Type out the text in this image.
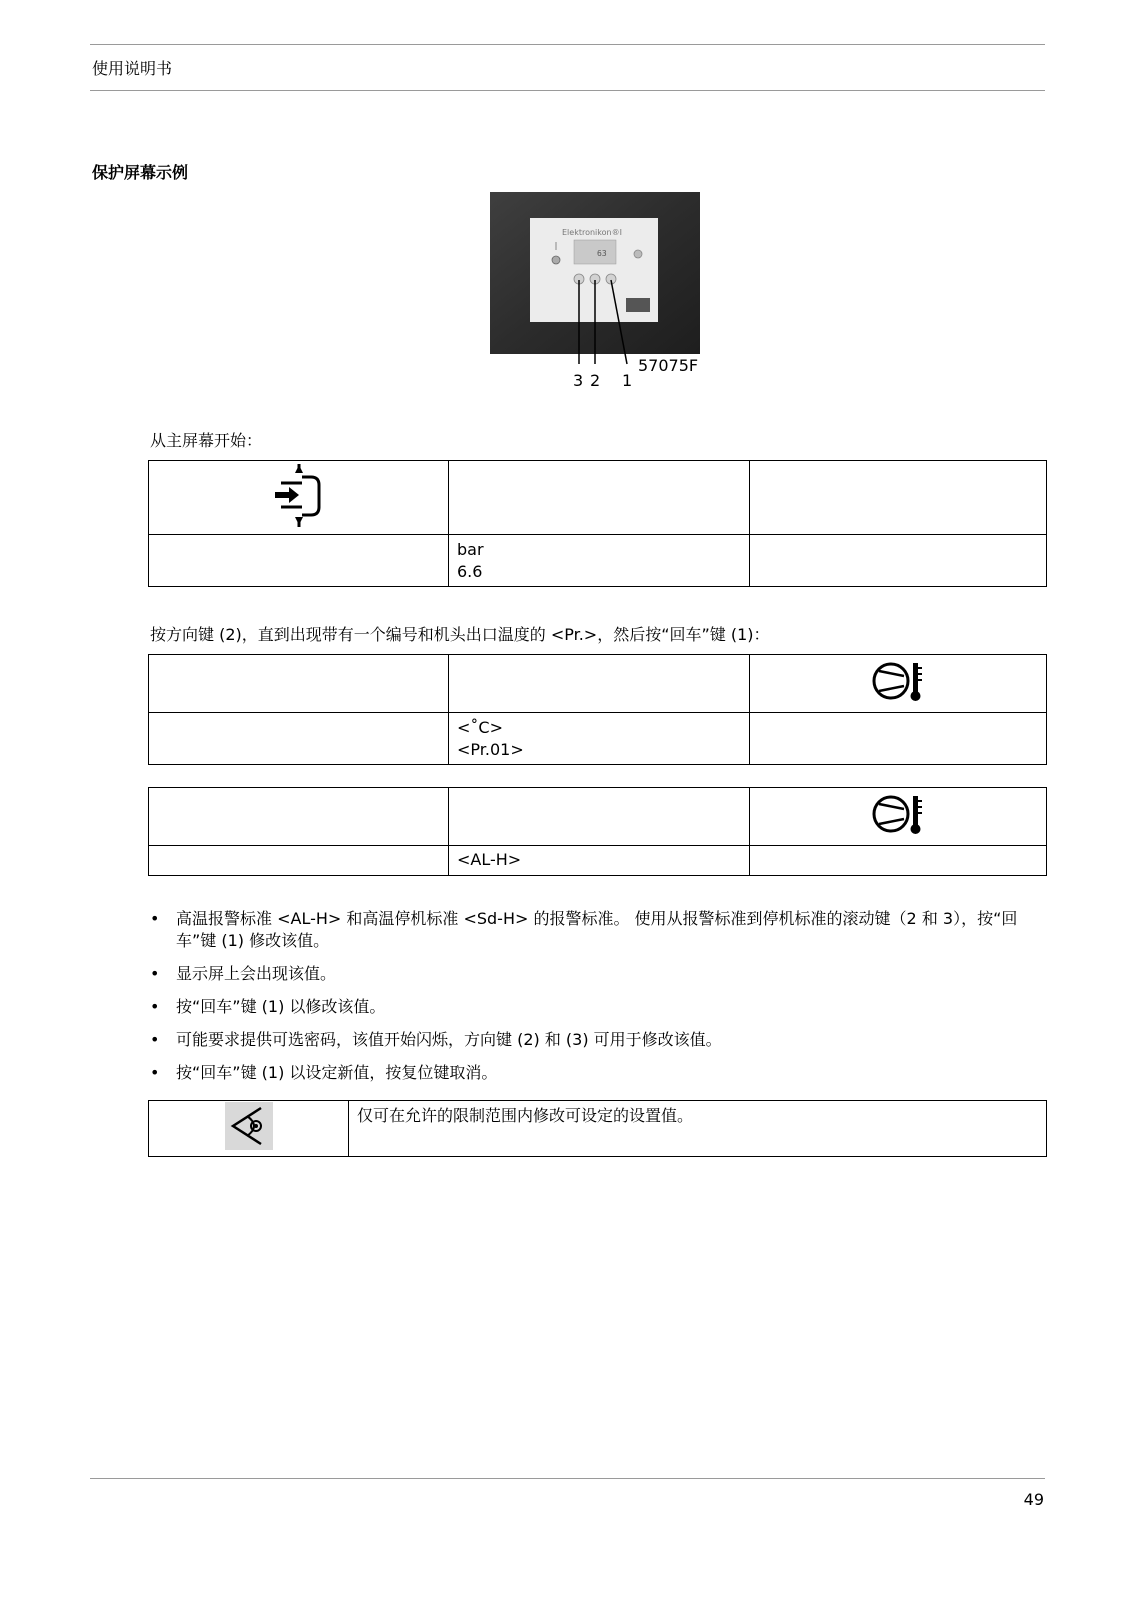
使用说明书
保护屏幕示例
Elektronikon®I
63
3 2 1
57075F
从主屏幕开始：

	bar
6.6	

按方向键 (2)，直到出现带有一个编号和机头出口温度的 <Pr.>，然后按“回车”键 (1)：

	<˚C>
<Pr.01>	

	<AL-H>	

• 高温报警标准 <AL-H> 和高温停机标准 <Sd-H> 的报警标准。 使用从报警标准到停机标准的滚动键（2 和 3），按“回车”键 (1) 修改该值。
• 显示屏上会出现该值。
• 按“回车”键 (1) 以修改该值。
• 可能要求提供可选密码，该值开始闪烁，方向键 (2) 和 (3) 可用于修改该值。
• 按“回车”键 (1) 以设定新值，按复位键取消。
	仅可在允许的限制范围内修改可设定的设置值。
49
